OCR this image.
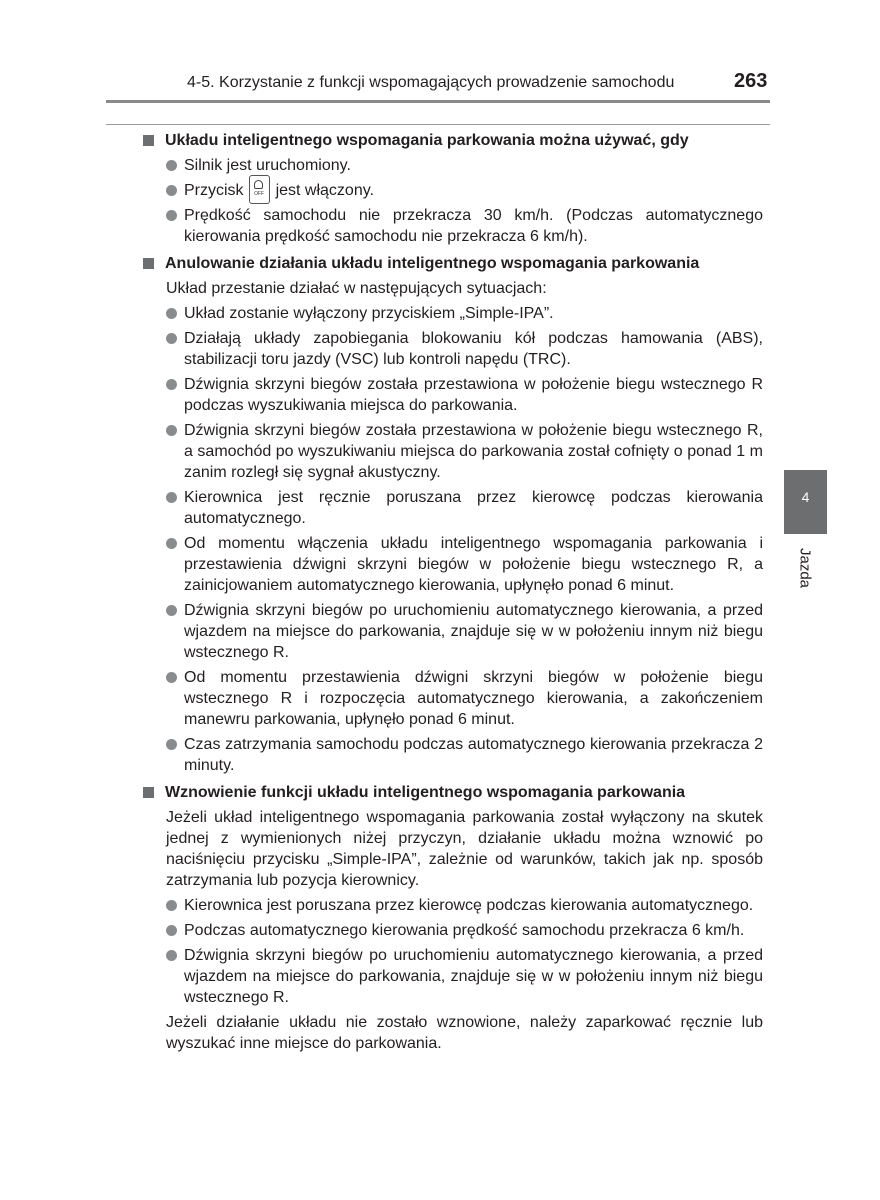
4-5. Korzystanie z funkcji wspomagających prowadzenie samochodu	263
Układu inteligentnego wspomagania parkowania można używać, gdy
Silnik jest uruchomiony.
Przycisk	OFF jest włączony.
Prędkość samochodu nie przekracza 30 km/h. (Podczas automatycznego kierowania prędkość samochodu nie przekracza 6 km/h).
Anulowanie działania układu inteligentnego wspomagania parkowania
Układ przestanie działać w następujących sytuacjach:
Układ zostanie wyłączony przyciskiem „Simple-IPA”.
Działają układy zapobiegania blokowaniu kół podczas hamowania (ABS), stabilizacji toru jazdy (VSC) lub kontroli napędu (TRC).
Dźwignia skrzyni biegów została przestawiona w położenie biegu wstecznego R podczas wyszukiwania miejsca do parkowania.
Dźwignia skrzyni biegów została przestawiona w położenie biegu wstecznego R, a samochód po wyszukiwaniu miejsca do parkowania został cofnięty o ponad 1 m zanim rozległ się sygnał akustyczny.
Kierownica jest ręcznie poruszana przez kierowcę podczas kierowania automatycznego.
Od momentu włączenia układu inteligentnego wspomagania parkowania i przestawienia dźwigni skrzyni biegów w położenie biegu wstecznego R, a zainicjowaniem automatycznego kierowania, upłynęło ponad 6 minut.
Dźwignia skrzyni biegów po uruchomieniu automatycznego kierowania, a przed wjazdem na miejsce do parkowania, znajduje się w w położeniu innym niż biegu wstecznego R.
Od momentu przestawienia dźwigni skrzyni biegów w położenie biegu wstecznego R i rozpoczęcia automatycznego kierowania, a zakończeniem manewru parkowania, upłynęło ponad 6 minut.
Czas zatrzymania samochodu podczas automatycznego kierowania przekracza 2 minuty.
Wznowienie funkcji układu inteligentnego wspomagania parkowania
Jeżeli układ inteligentnego wspomagania parkowania został wyłączony na skutek jednej z wymienionych niżej przyczyn, działanie układu można wznowić po naciśnięciu przycisku „Simple-IPA”, zależnie od warunków, takich jak np. sposób zatrzymania lub pozycja kierownicy.
Kierownica jest poruszana przez kierowcę podczas kierowania automatycznego.
Podczas automatycznego kierowania prędkość samochodu przekracza 6 km/h.
Dźwignia skrzyni biegów po uruchomieniu automatycznego kierowania, a przed wjazdem na miejsce do parkowania, znajduje się w w położeniu innym niż biegu wstecznego R.
Jeżeli działanie układu nie zostało wznowione, należy zaparkować ręcznie lub wyszukać inne miejsce do parkowania.
4
Jazda
